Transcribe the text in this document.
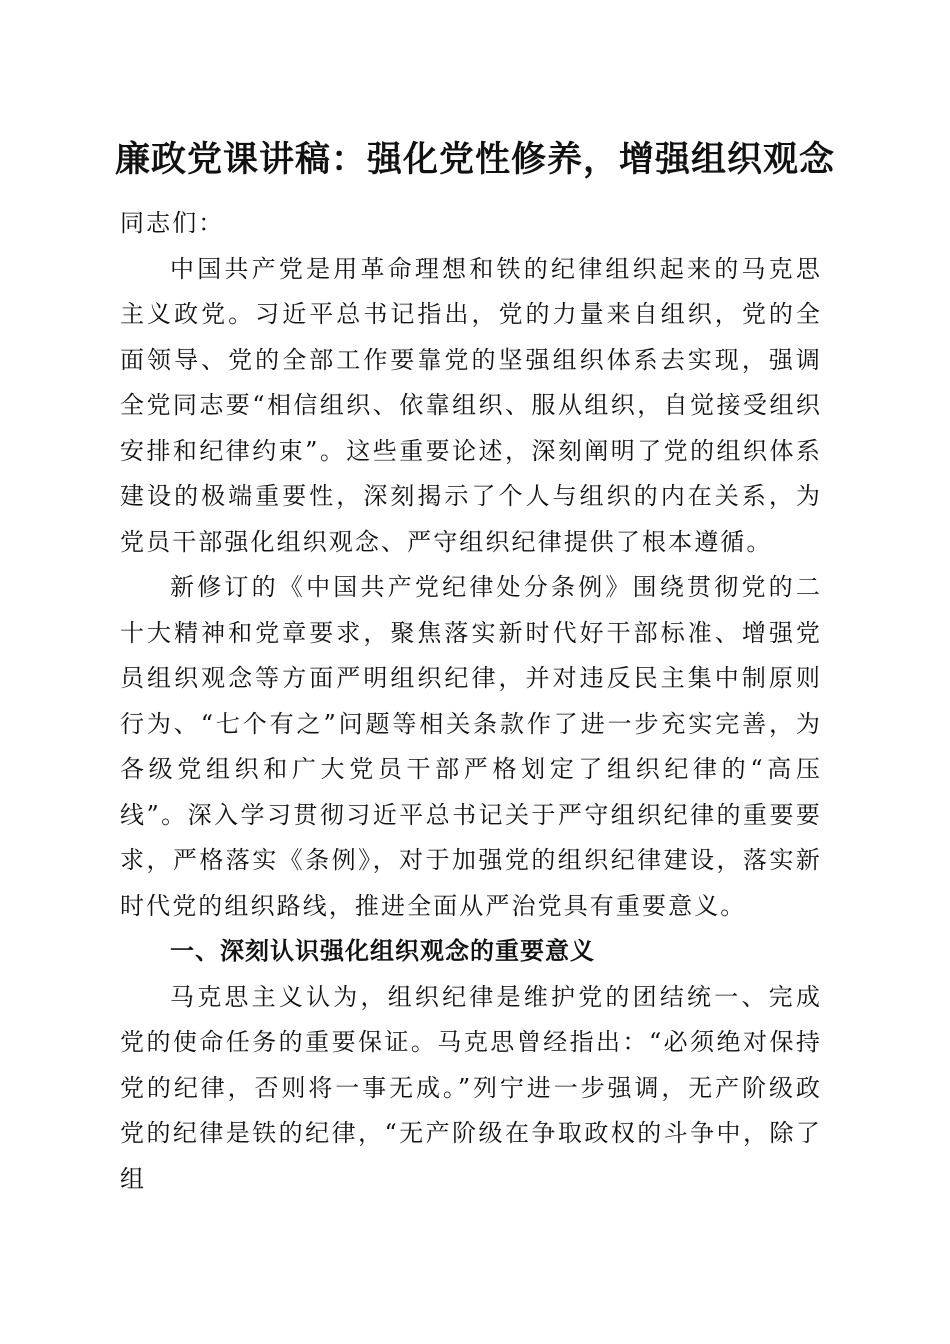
廉政党课讲稿：强化党性修养，增强组织观念

同志们：

中国共产党是用革命理想和铁的纪律组织起来的马克思主义政党。习近平总书记指出，党的力量来自组织，党的全面领导、党的全部工作要靠党的坚强组织体系去实现，强调全党同志要“相信组织、依靠组织、服从组织，自觉接受组织安排和纪律约束”。这些重要论述，深刻阐明了党的组织体系建设的极端重要性，深刻揭示了个人与组织的内在关系，为党员干部强化组织观念、严守组织纪律提供了根本遵循。

新修订的《中国共产党纪律处分条例》围绕贯彻党的二十大精神和党章要求，聚焦落实新时代好干部标准、增强党员组织观念等方面严明组织纪律，并对违反民主集中制原则行为、“七个有之”问题等相关条款作了进一步充实完善，为各级党组织和广大党员干部严格划定了组织纪律的“高压线”。深入学习贯彻习近平总书记关于严守组织纪律的重要要求，严格落实《条例》，对于加强党的组织纪律建设，落实新时代党的组织路线，推进全面从严治党具有重要意义。

一、深刻认识强化组织观念的重要意义

马克思主义认为，组织纪律是维护党的团结统一、完成党的使命任务的重要保证。马克思曾经指出：“必须绝对保持党的纪律，否则将一事无成。”列宁进一步强调，无产阶级政党的纪律是铁的纪律，“无产阶级在争取政权的斗争中，除了组
